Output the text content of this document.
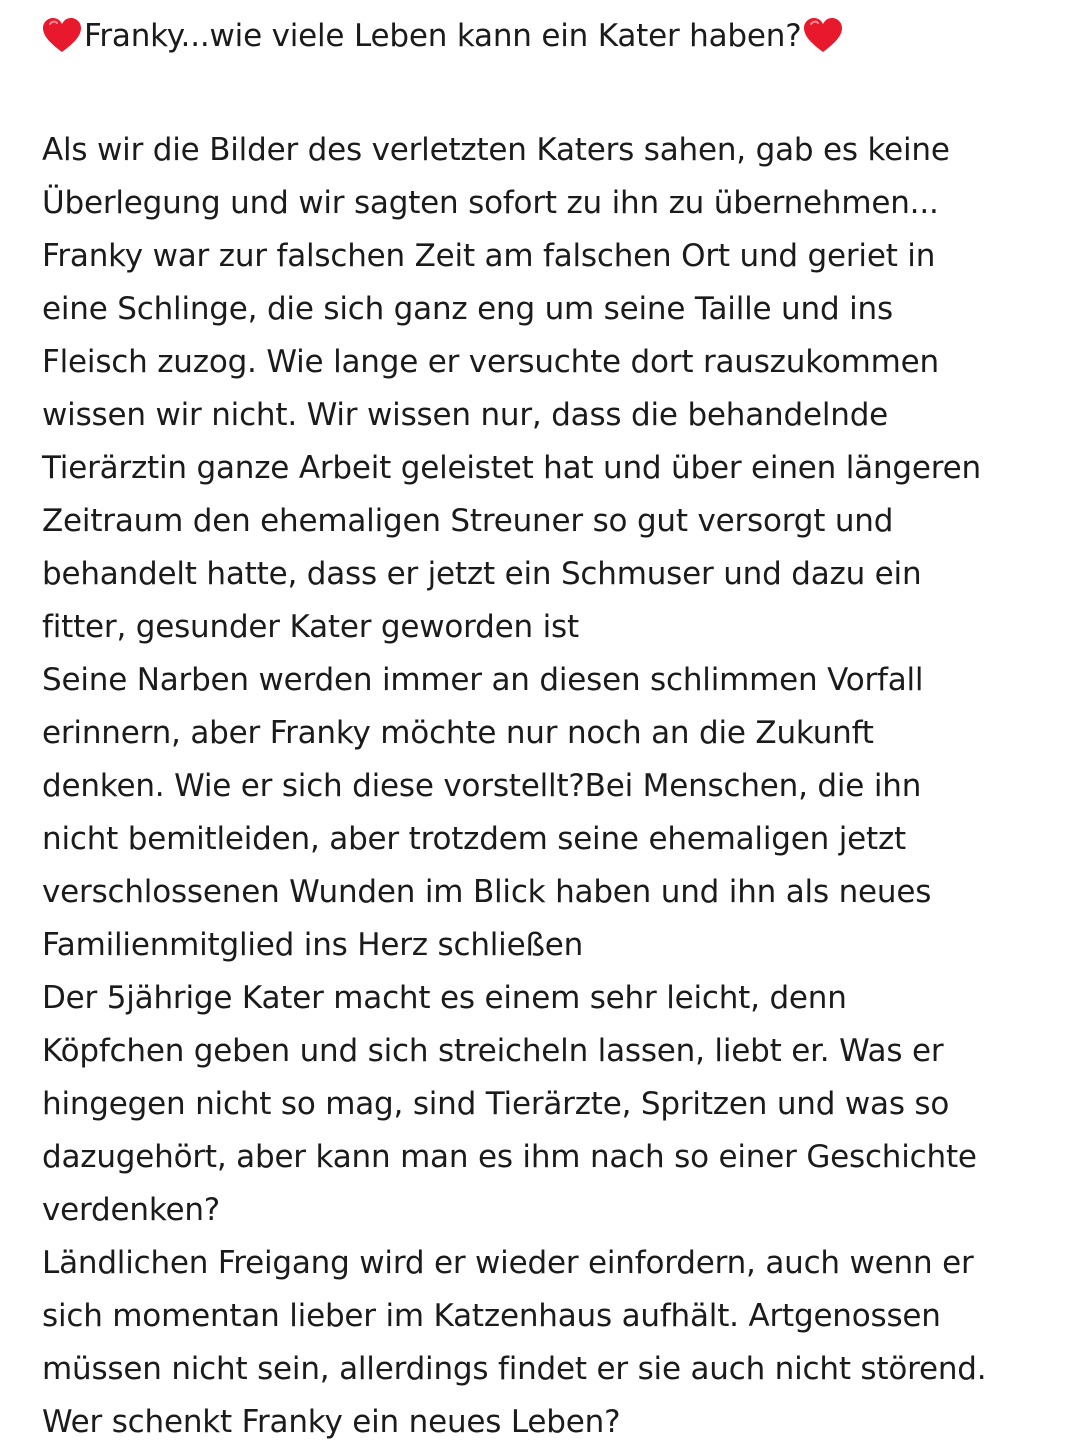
Franky...wie viele Leben kann ein Kater haben?
Als wir die Bilder des verletzten Katers sahen, gab es keine
Überlegung und wir sagten sofort zu ihn zu übernehmen...
Franky war zur falschen Zeit am falschen Ort und geriet in
eine Schlinge, die sich ganz eng um seine Taille und ins
Fleisch zuzog. Wie lange er versuchte dort rauszukommen
wissen wir nicht. Wir wissen nur, dass die behandelnde
Tierärztin ganze Arbeit geleistet hat und über einen längeren
Zeitraum den ehemaligen Streuner so gut versorgt und
behandelt hatte, dass er jetzt ein Schmuser und dazu ein
fitter, gesunder Kater geworden ist
Seine Narben werden immer an diesen schlimmen Vorfall
erinnern, aber Franky möchte nur noch an die Zukunft
denken. Wie er sich diese vorstellt?Bei Menschen, die ihn
nicht bemitleiden, aber trotzdem seine ehemaligen jetzt
verschlossenen Wunden im Blick haben und ihn als neues
Familienmitglied ins Herz schließen
Der 5jährige Kater macht es einem sehr leicht, denn
Köpfchen geben und sich streicheln lassen, liebt er. Was er
hingegen nicht so mag, sind Tierärzte, Spritzen und was so
dazugehört, aber kann man es ihm nach so einer Geschichte
verdenken?
Ländlichen Freigang wird er wieder einfordern, auch wenn er
sich momentan lieber im Katzenhaus aufhält. Artgenossen
müssen nicht sein, allerdings findet er sie auch nicht störend.
Wer schenkt Franky ein neues Leben?
